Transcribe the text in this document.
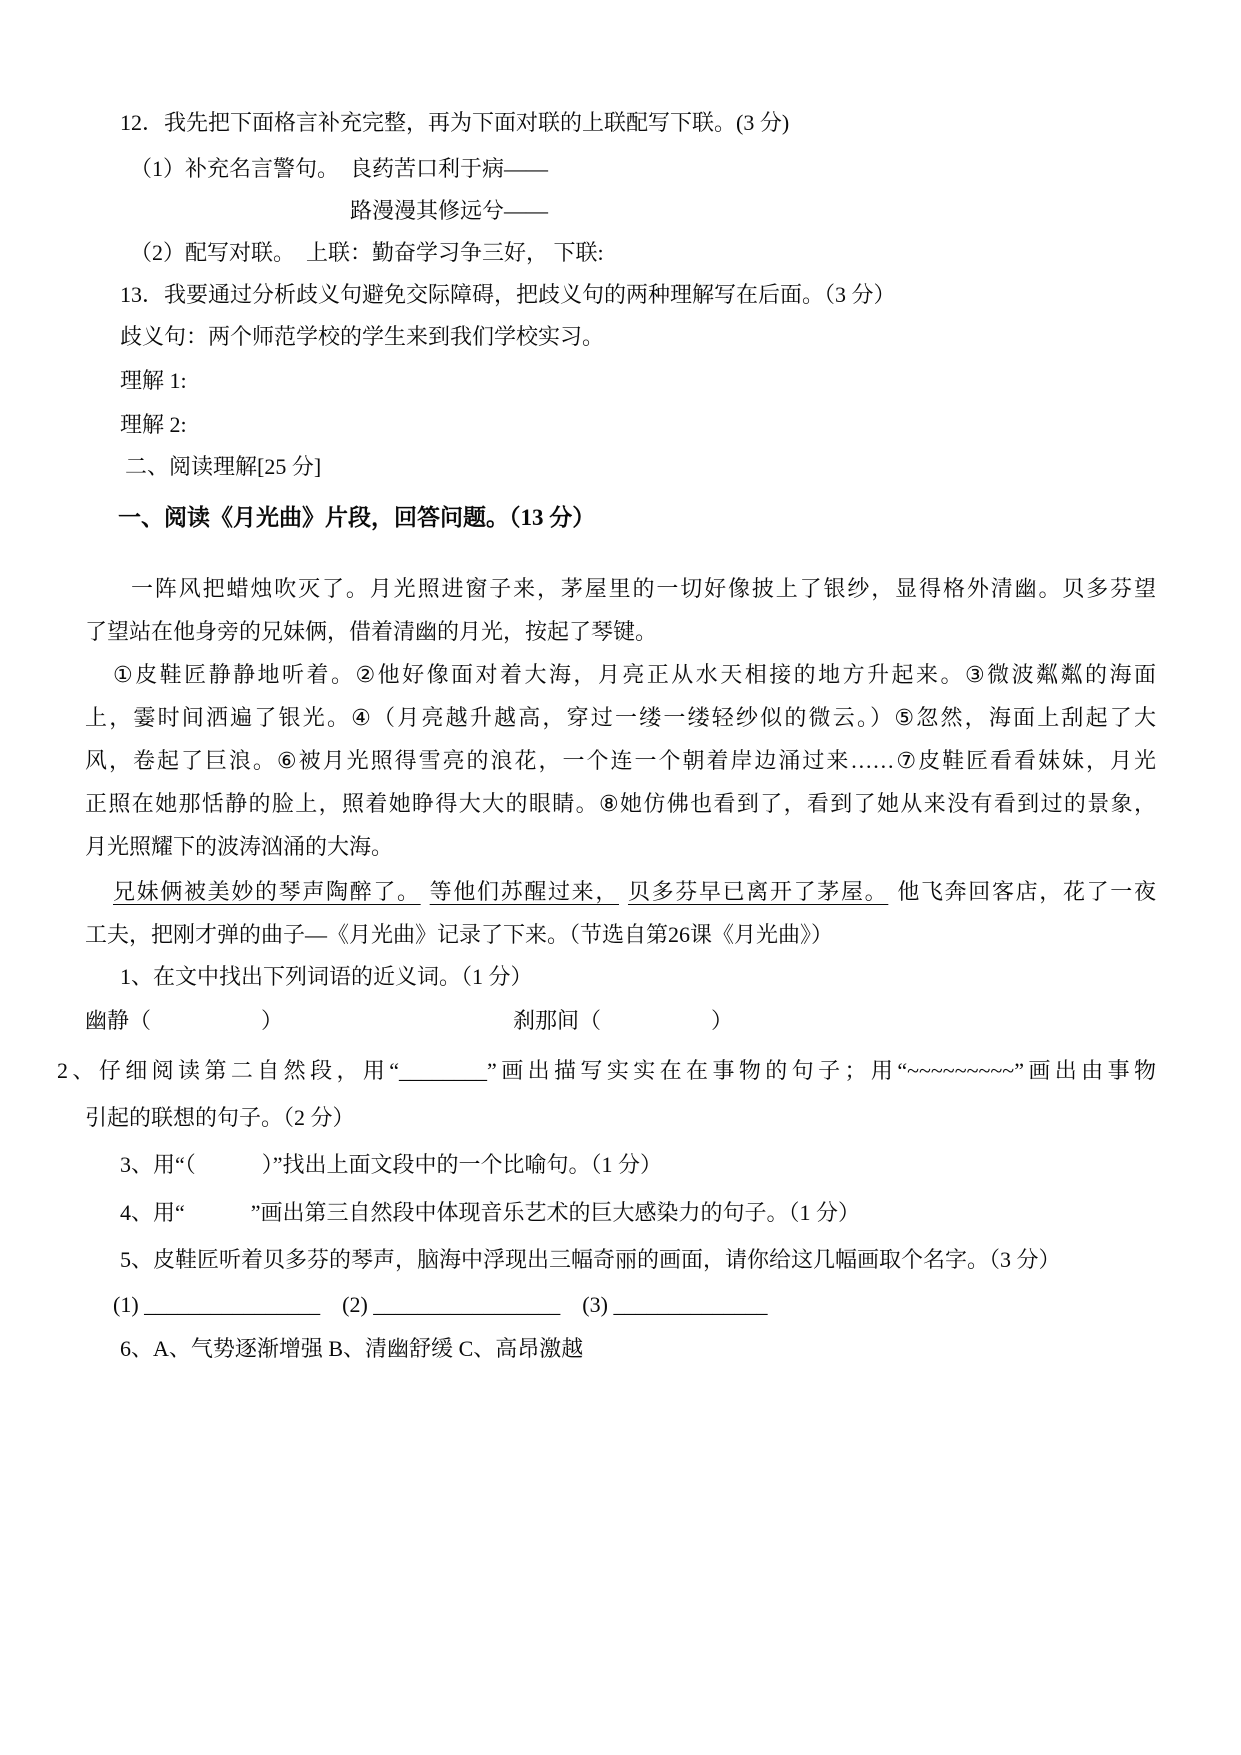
12．我先把下面格言补充完整，再为下面对联的上联配写下联。(3 分)
（1）补充名言警句。　良药苦口利于病——
路漫漫其修远兮——
（2）配写对联。　上联：勤奋学习争三好， 下联:
13．我要通过分析歧义句避免交际障碍，把歧义句的两种理解写在后面。（3 分）
歧义句：两个师范学校的学生来到我们学校实习。
理解 1:
理解 2:
二、阅读理解[25 分]
一、阅读《月光曲》片段，回答问题。（13 分）
一阵风把蜡烛吹灭了。月光照进窗子来，茅屋里的一切好像披上了银纱，显得格外清幽。贝多芬望
了望站在他身旁的兄妹俩，借着清幽的月光，按起了琴键。
①皮鞋匠静静地听着。②他好像面对着大海，月亮正从水天相接的地方升起来。③微波粼粼的海面
上，霎时间洒遍了银光。④（月亮越升越高，穿过一缕一缕轻纱似的微云。）⑤忽然，海面上刮起了大
风，卷起了巨浪。⑥被月光照得雪亮的浪花，一个连一个朝着岸边涌过来……⑦皮鞋匠看看妹妹，月光
正照在她那恬静的脸上，照着她睁得大大的眼睛。⑧她仿佛也看到了，看到了她从来没有看到过的景象，
月光照耀下的波涛汹涌的大海。
兄妹俩被美妙的琴声陶醉了。 等他们苏醒过来， 贝多芬早已离开了茅屋。 他飞奔回客店，花了一夜
工夫，把刚才弹的曲子—《月光曲》记录了下来。（节选自第26课《月光曲》）
1、在文中找出下列词语的近义词。（1 分）
幽静（　　　　　）	刹那间（　　　　　）
2、仔细阅读第二自然段，用“________”画出描写实实在在事物的句子；用“~~~~~~~~~”画出由事物
引起的联想的句子。（2 分）
3、用“（　　　）”找出上面文段中的一个比喻句。（1 分）
4、用“　　　”画出第三自然段中体现音乐艺术的巨大感染力的句子。（1 分）
5、皮鞋匠听着贝多芬的琴声，脑海中浮现出三幅奇丽的画面，请你给这几幅画取个名字。（3 分）
(1) ________________　(2) _________________　(3) ______________
6、A、气势逐渐增强 B、清幽舒缓 C、高昂激越
